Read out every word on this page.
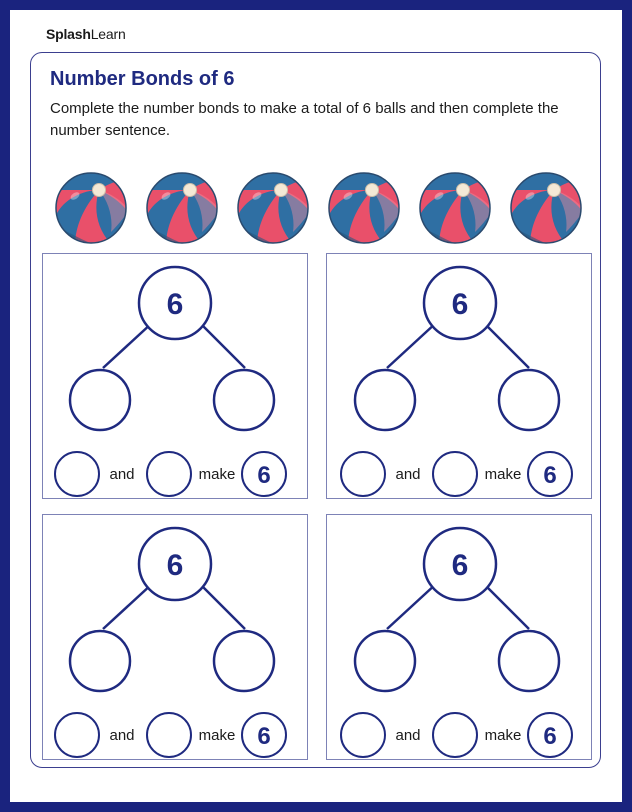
SplashLearn
Number Bonds of 6
Complete the number bonds to make a total of 6 balls and then complete the number sentence.
6
and	make 6
6
and	make 6
6
and	make 6
6
and	make 6
